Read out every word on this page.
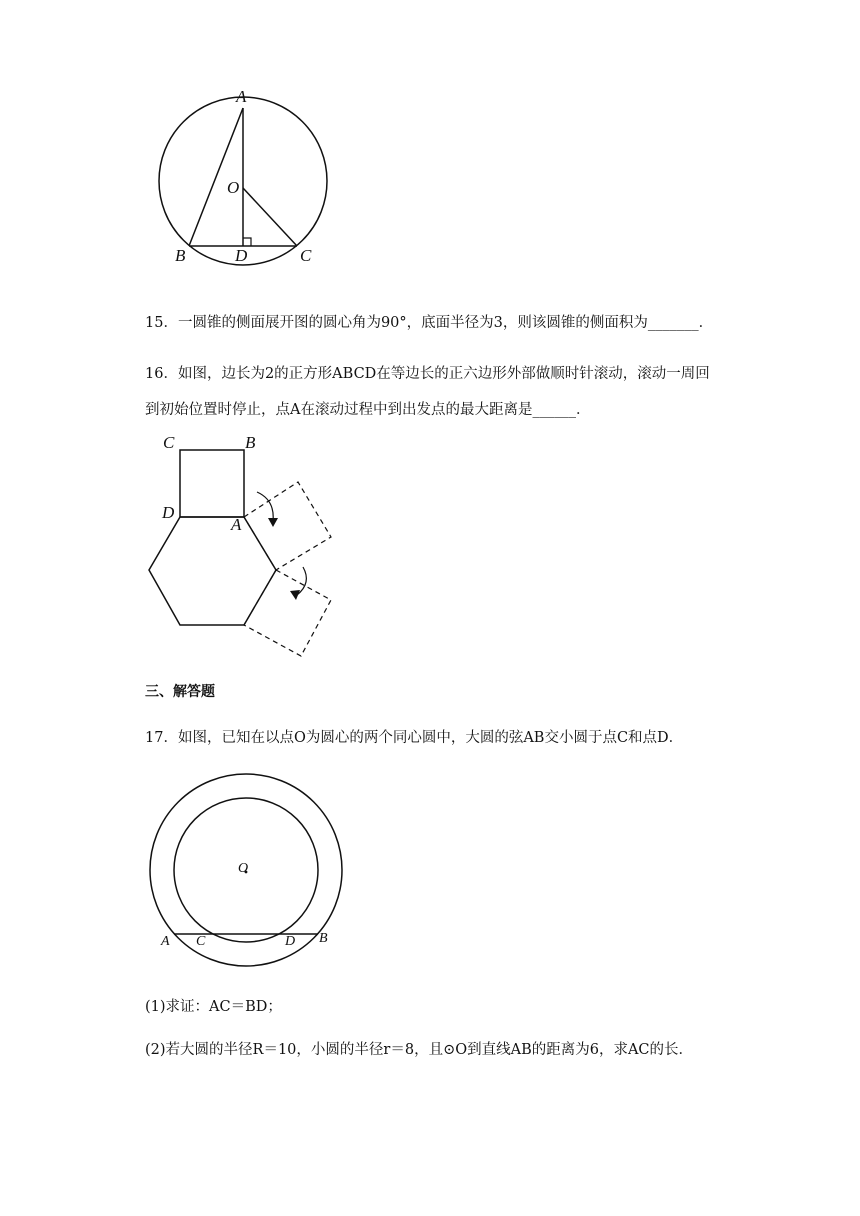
A
O
B	D	C
15．一圆锥的侧面展开图的圆心角为90°，底面半径为3，则该圆锥的侧面积为_______．
16．如图，边长为2的正方形ABCD在等边长的正六边形外部做顺时针滚动，滚动一周回到初始位置时停止，点A在滚动过程中到出发点的最大距离是______．
C	B
D
A
三、解答题
17．如图，已知在以点O为圆心的两个同心圆中，大圆的弦AB交小圆于点C和点D．
O
A C	D B
(1)求证：AC＝BD；
(2)若大圆的半径R＝10，小圆的半径r＝8，且⊙O到直线AB的距离为6，求AC的长．
